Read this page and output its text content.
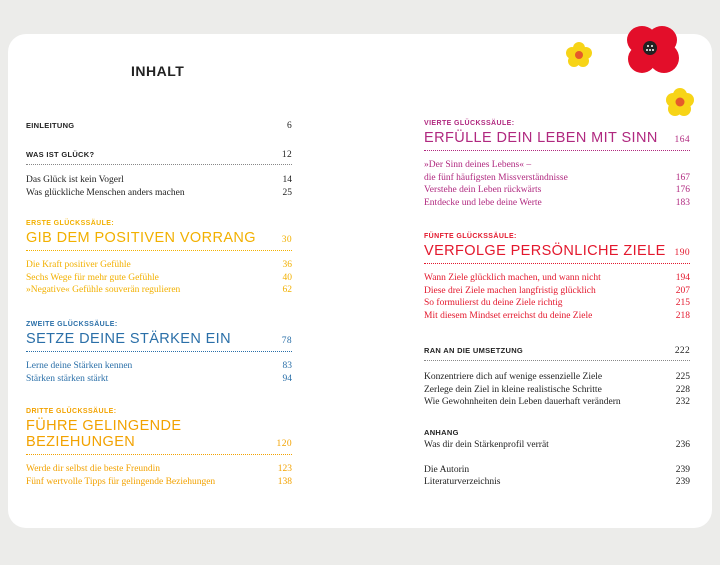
INHALT
EINLEITUNG	6
WAS IST GLÜCK?	12
Das Glück ist kein Vogerl	14
Was glückliche Menschen anders machen	25
ERSTE GLÜCKSSÄULE:
GIB DEM POSITIVEN VORRANG	30
Die Kraft positiver Gefühle	36
Sechs Wege für mehr gute Gefühle	40
»Negative« Gefühle souverän regulieren	62
ZWEITE GLÜCKSSÄULE:
SETZE DEINE STÄRKEN EIN	78
Lerne deine Stärken kennen	83
Stärken stärken stärkt	94
DRITTE GLÜCKSSÄULE:
FÜHRE GELINGENDE BEZIEHUNGEN	120
Werde dir selbst die beste Freundin	123
Fünf wertvolle Tipps für gelingende Beziehungen	138
VIERTE GLÜCKSSÄULE:
ERFÜLLE DEIN LEBEN MIT SINN 164
»Der Sinn deines Lebens« –
die fünf häufigsten Missverständnisse	167
Verstehe dein Leben rückwärts	176
Entdecke und lebe deine Werte	183
FÜNFTE GLÜCKSSÄULE:
VERFOLGE PERSÖNLICHE ZIELE 190
Wann Ziele glücklich machen, und wann nicht	194
Diese drei Ziele machen langfristig glücklich	207
So formulierst du deine Ziele richtig	215
Mit diesem Mindset erreichst du deine Ziele	218
RAN AN DIE UMSETZUNG	222
Konzentriere dich auf wenige essenzielle Ziele	225
Zerlege dein Ziel in kleine realistische Schritte	228
Wie Gewohnheiten dein Leben dauerhaft verändern	232
ANHANG
Was dir dein Stärkenprofil verrät	236
Die Autorin	239
Literaturverzeichnis	239
